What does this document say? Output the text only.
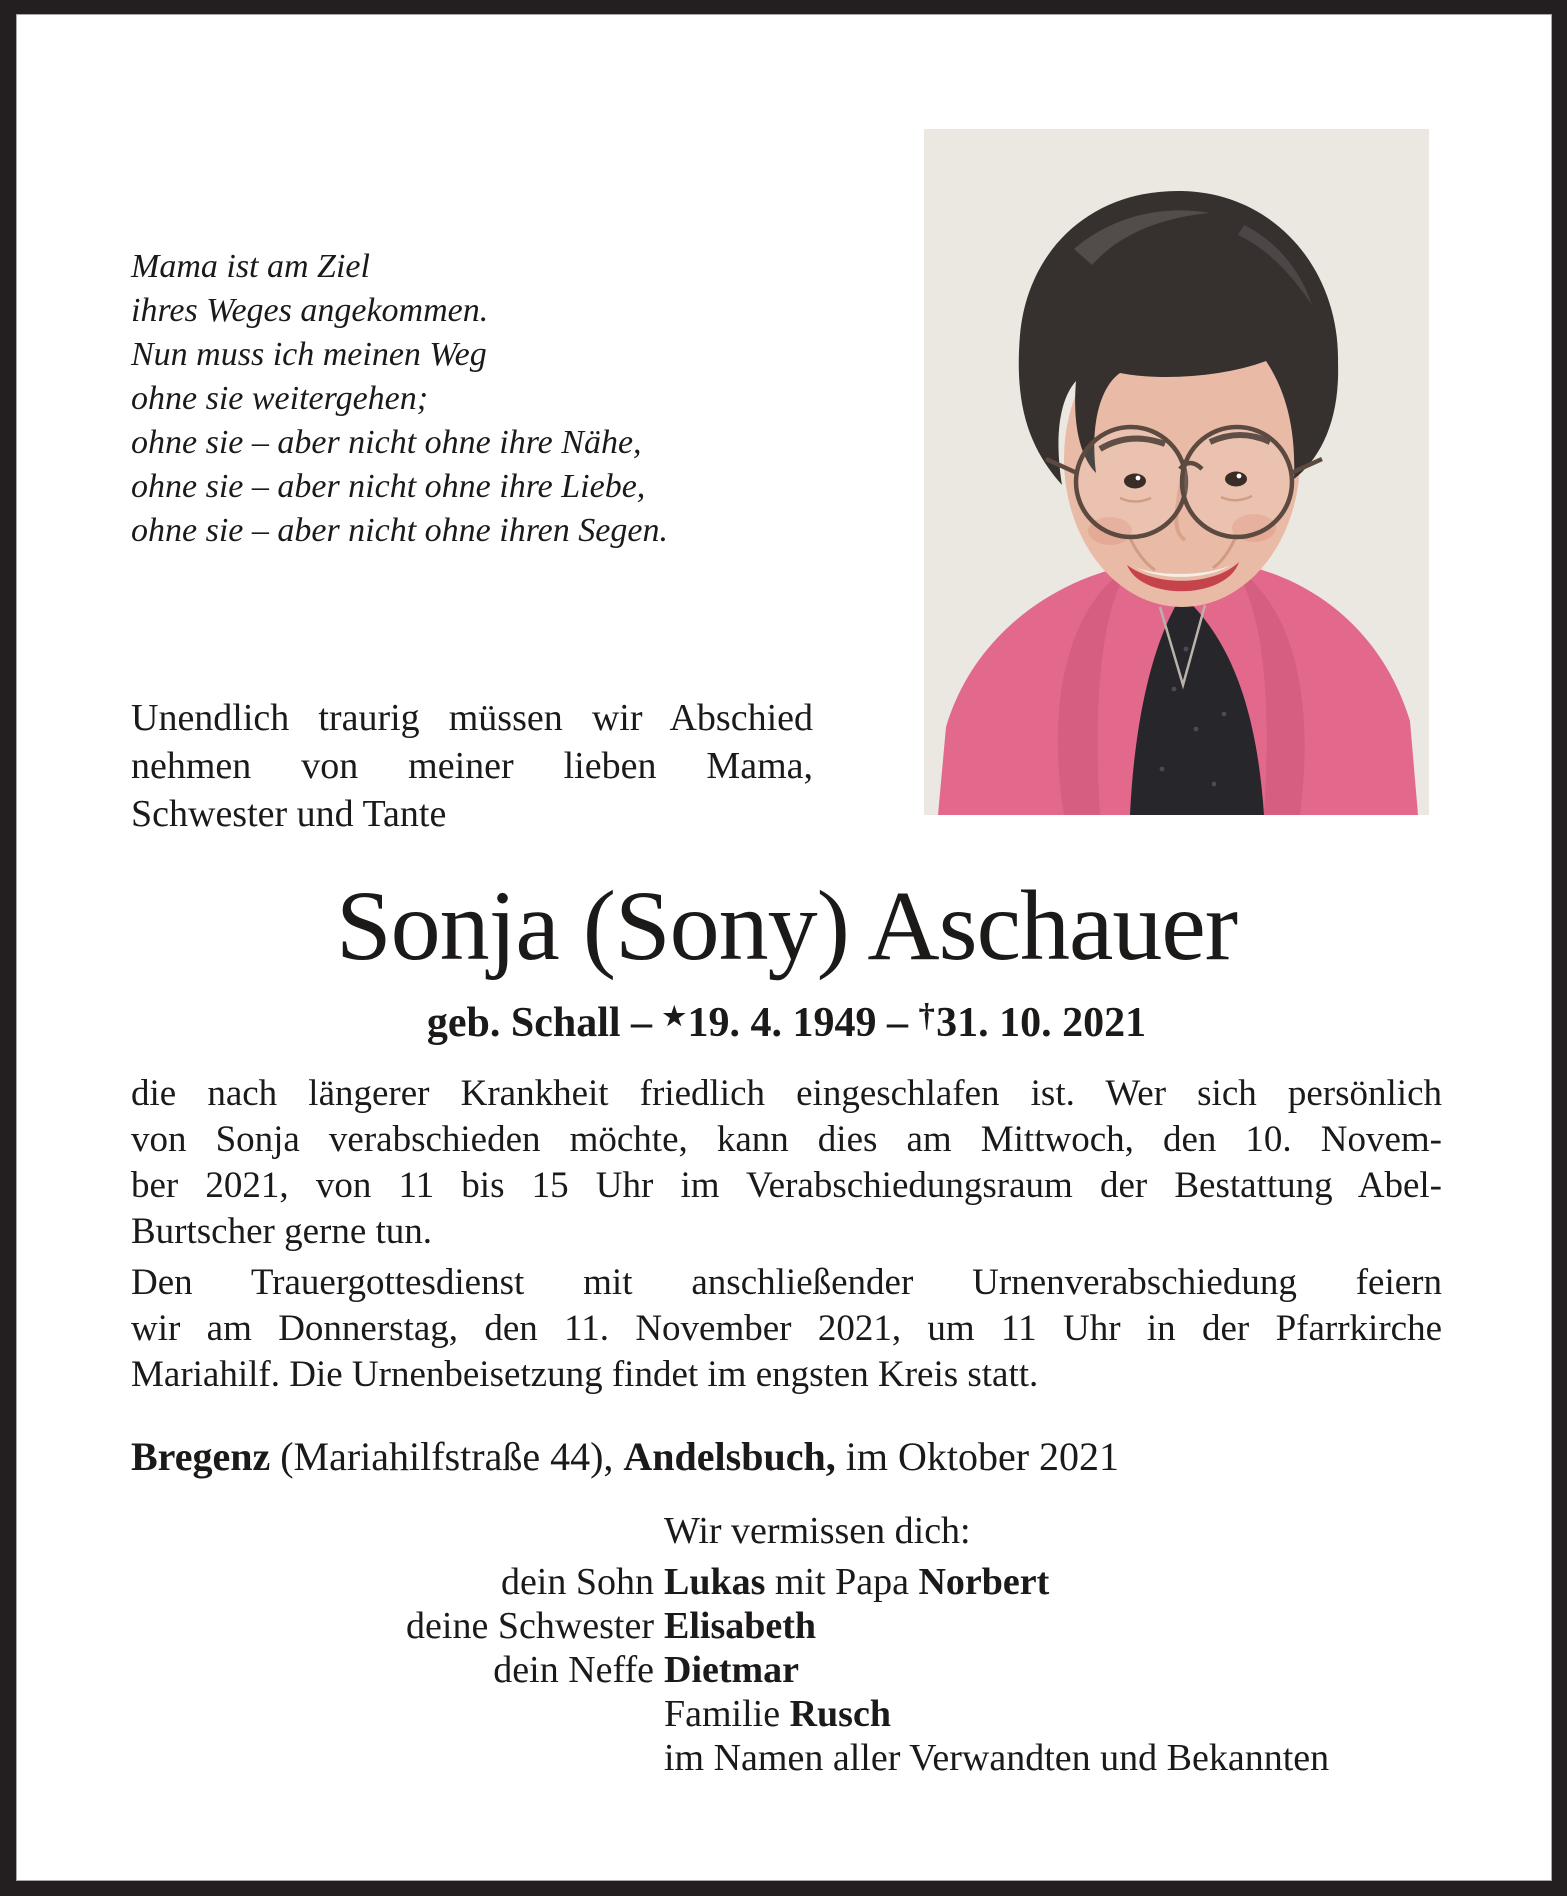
Mama ist am Ziel
ihres Weges angekommen.
Nun muss ich meinen Weg
ohne sie weitergehen;
ohne sie – aber nicht ohne ihre Nähe,
ohne sie – aber nicht ohne ihre Liebe,
ohne sie – aber nicht ohne ihren Segen.
Unendlich traurig müssen wir Abschied
nehmen von meiner lieben Mama,
Schwester und Tante
Sonja (Sony) Aschauer
geb. Schall – ★19. 4. 1949 – †31. 10. 2021
die nach längerer Krankheit friedlich eingeschlafen ist. Wer sich persönlich
von Sonja verabschieden möchte, kann dies am Mittwoch, den 10. Novem-
ber 2021, von 11 bis 15 Uhr im Verabschiedungsraum der Bestattung Abel-
Burtscher gerne tun.
Den Trauergottesdienst mit anschließender Urnenverabschiedung feiern
wir am Donnerstag, den 11. November 2021, um 11 Uhr in der Pfarrkirche
Mariahilf. Die Urnenbeisetzung findet im engsten Kreis statt.
Bregenz (Mariahilfstraße 44), Andelsbuch, im Oktober 2021
Wir vermissen dich:
dein Sohn Lukas mit Papa Norbert
deine Schwester Elisabeth
dein Neffe Dietmar
Familie Rusch
im Namen aller Verwandten und Bekannten
